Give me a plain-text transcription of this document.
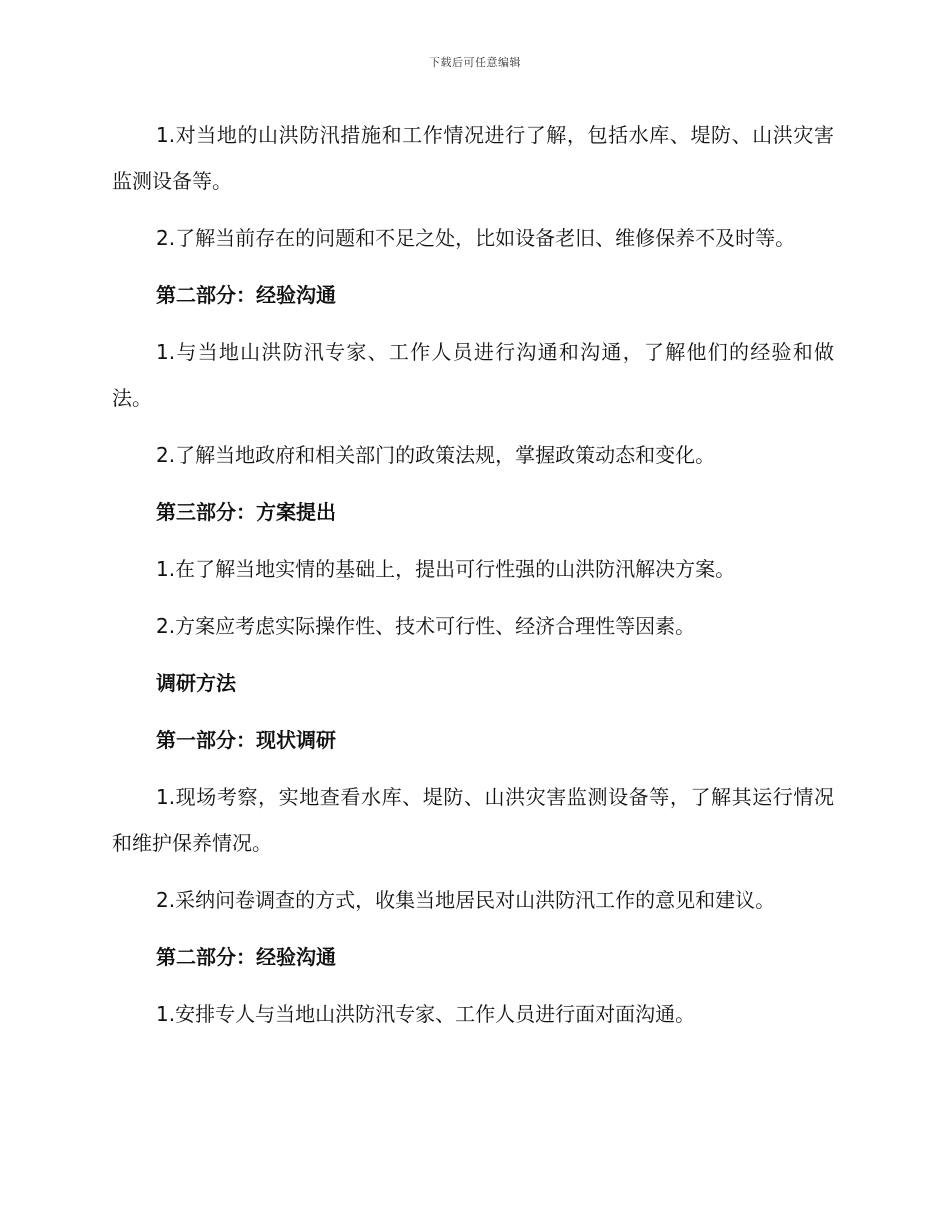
下载后可任意编辑

1.对当地的山洪防汛措施和工作情况进行了解，包括水库、堤防、山洪灾害监测设备等。

2.了解当前存在的问题和不足之处，比如设备老旧、维修保养不及时等。

第二部分：经验沟通

1.与当地山洪防汛专家、工作人员进行沟通和沟通，了解他们的经验和做法。

2.了解当地政府和相关部门的政策法规，掌握政策动态和变化。

第三部分：方案提出

1.在了解当地实情的基础上，提出可行性强的山洪防汛解决方案。

2.方案应考虑实际操作性、技术可行性、经济合理性等因素。

调研方法
第一部分：现状调研

1.现场考察，实地查看水库、堤防、山洪灾害监测设备等，了解其运行情况和维护保养情况。

2.采纳问卷调查的方式，收集当地居民对山洪防汛工作的意见和建议。

第二部分：经验沟通

1.安排专人与当地山洪防汛专家、工作人员进行面对面沟通。
